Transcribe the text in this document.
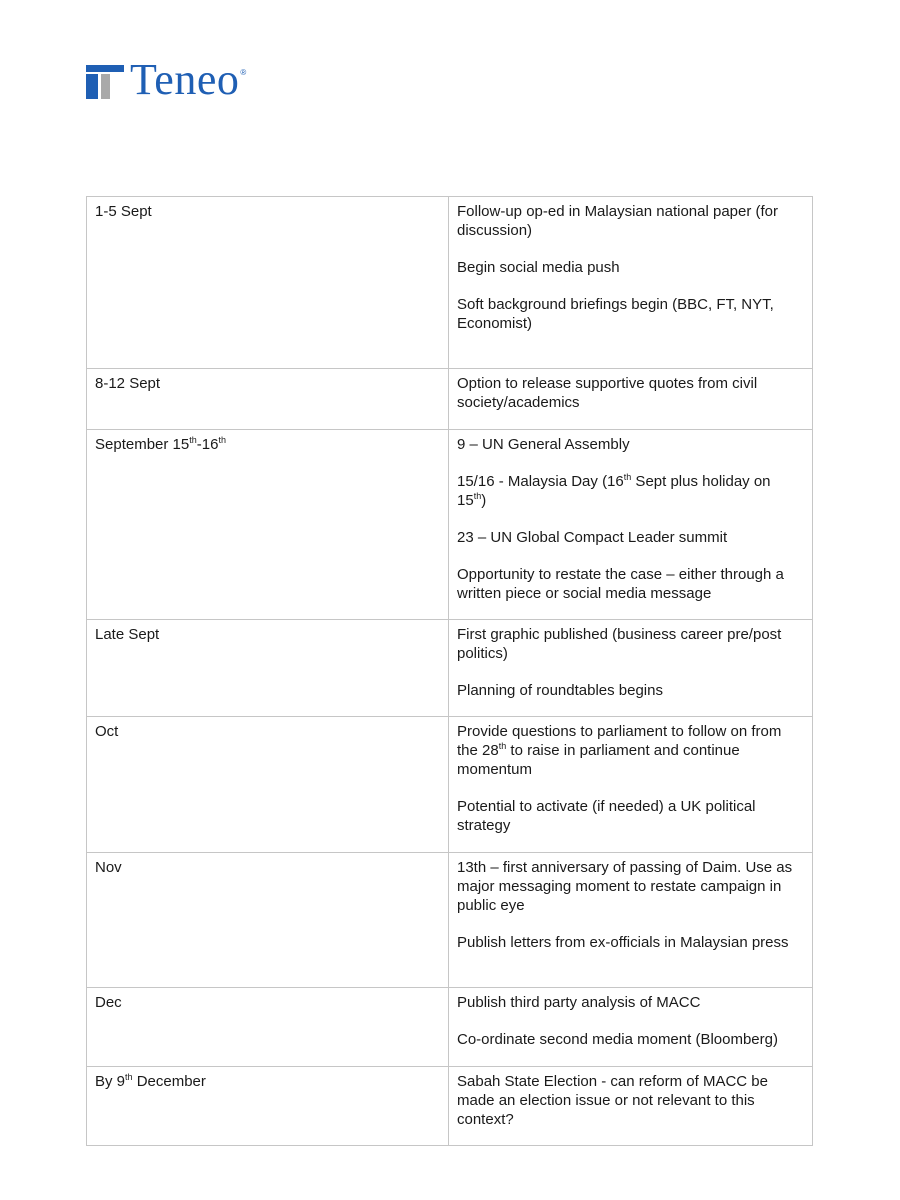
Teneo ®
1-5 Sept	Follow-up op-ed in Malaysian national paper (for discussion)

Begin social media push

Soft background briefings begin (BBC, FT, NYT, Economist)

8-12 Sept	Option to release supportive quotes from civil society/academics

September 15th-16th	9 – UN General Assembly

15/16 - Malaysia Day (16th Sept plus holiday on 15th)

23 – UN Global Compact Leader summit

Opportunity to restate the case – either through a written piece or social media message

Late Sept	First graphic published (business career pre/post politics)

Planning of roundtables begins

Oct	Provide questions to parliament to follow on from the 28th to raise in parliament and continue momentum

Potential to activate (if needed) a UK political strategy

Nov	13th – first anniversary of passing of Daim. Use as major messaging moment to restate campaign in public eye

Publish letters from ex-officials in Malaysian press

Dec	Publish third party analysis of MACC

Co-ordinate second media moment (Bloomberg)

By 9th December	Sabah State Election - can reform of MACC be made an election issue or not relevant to this context?
